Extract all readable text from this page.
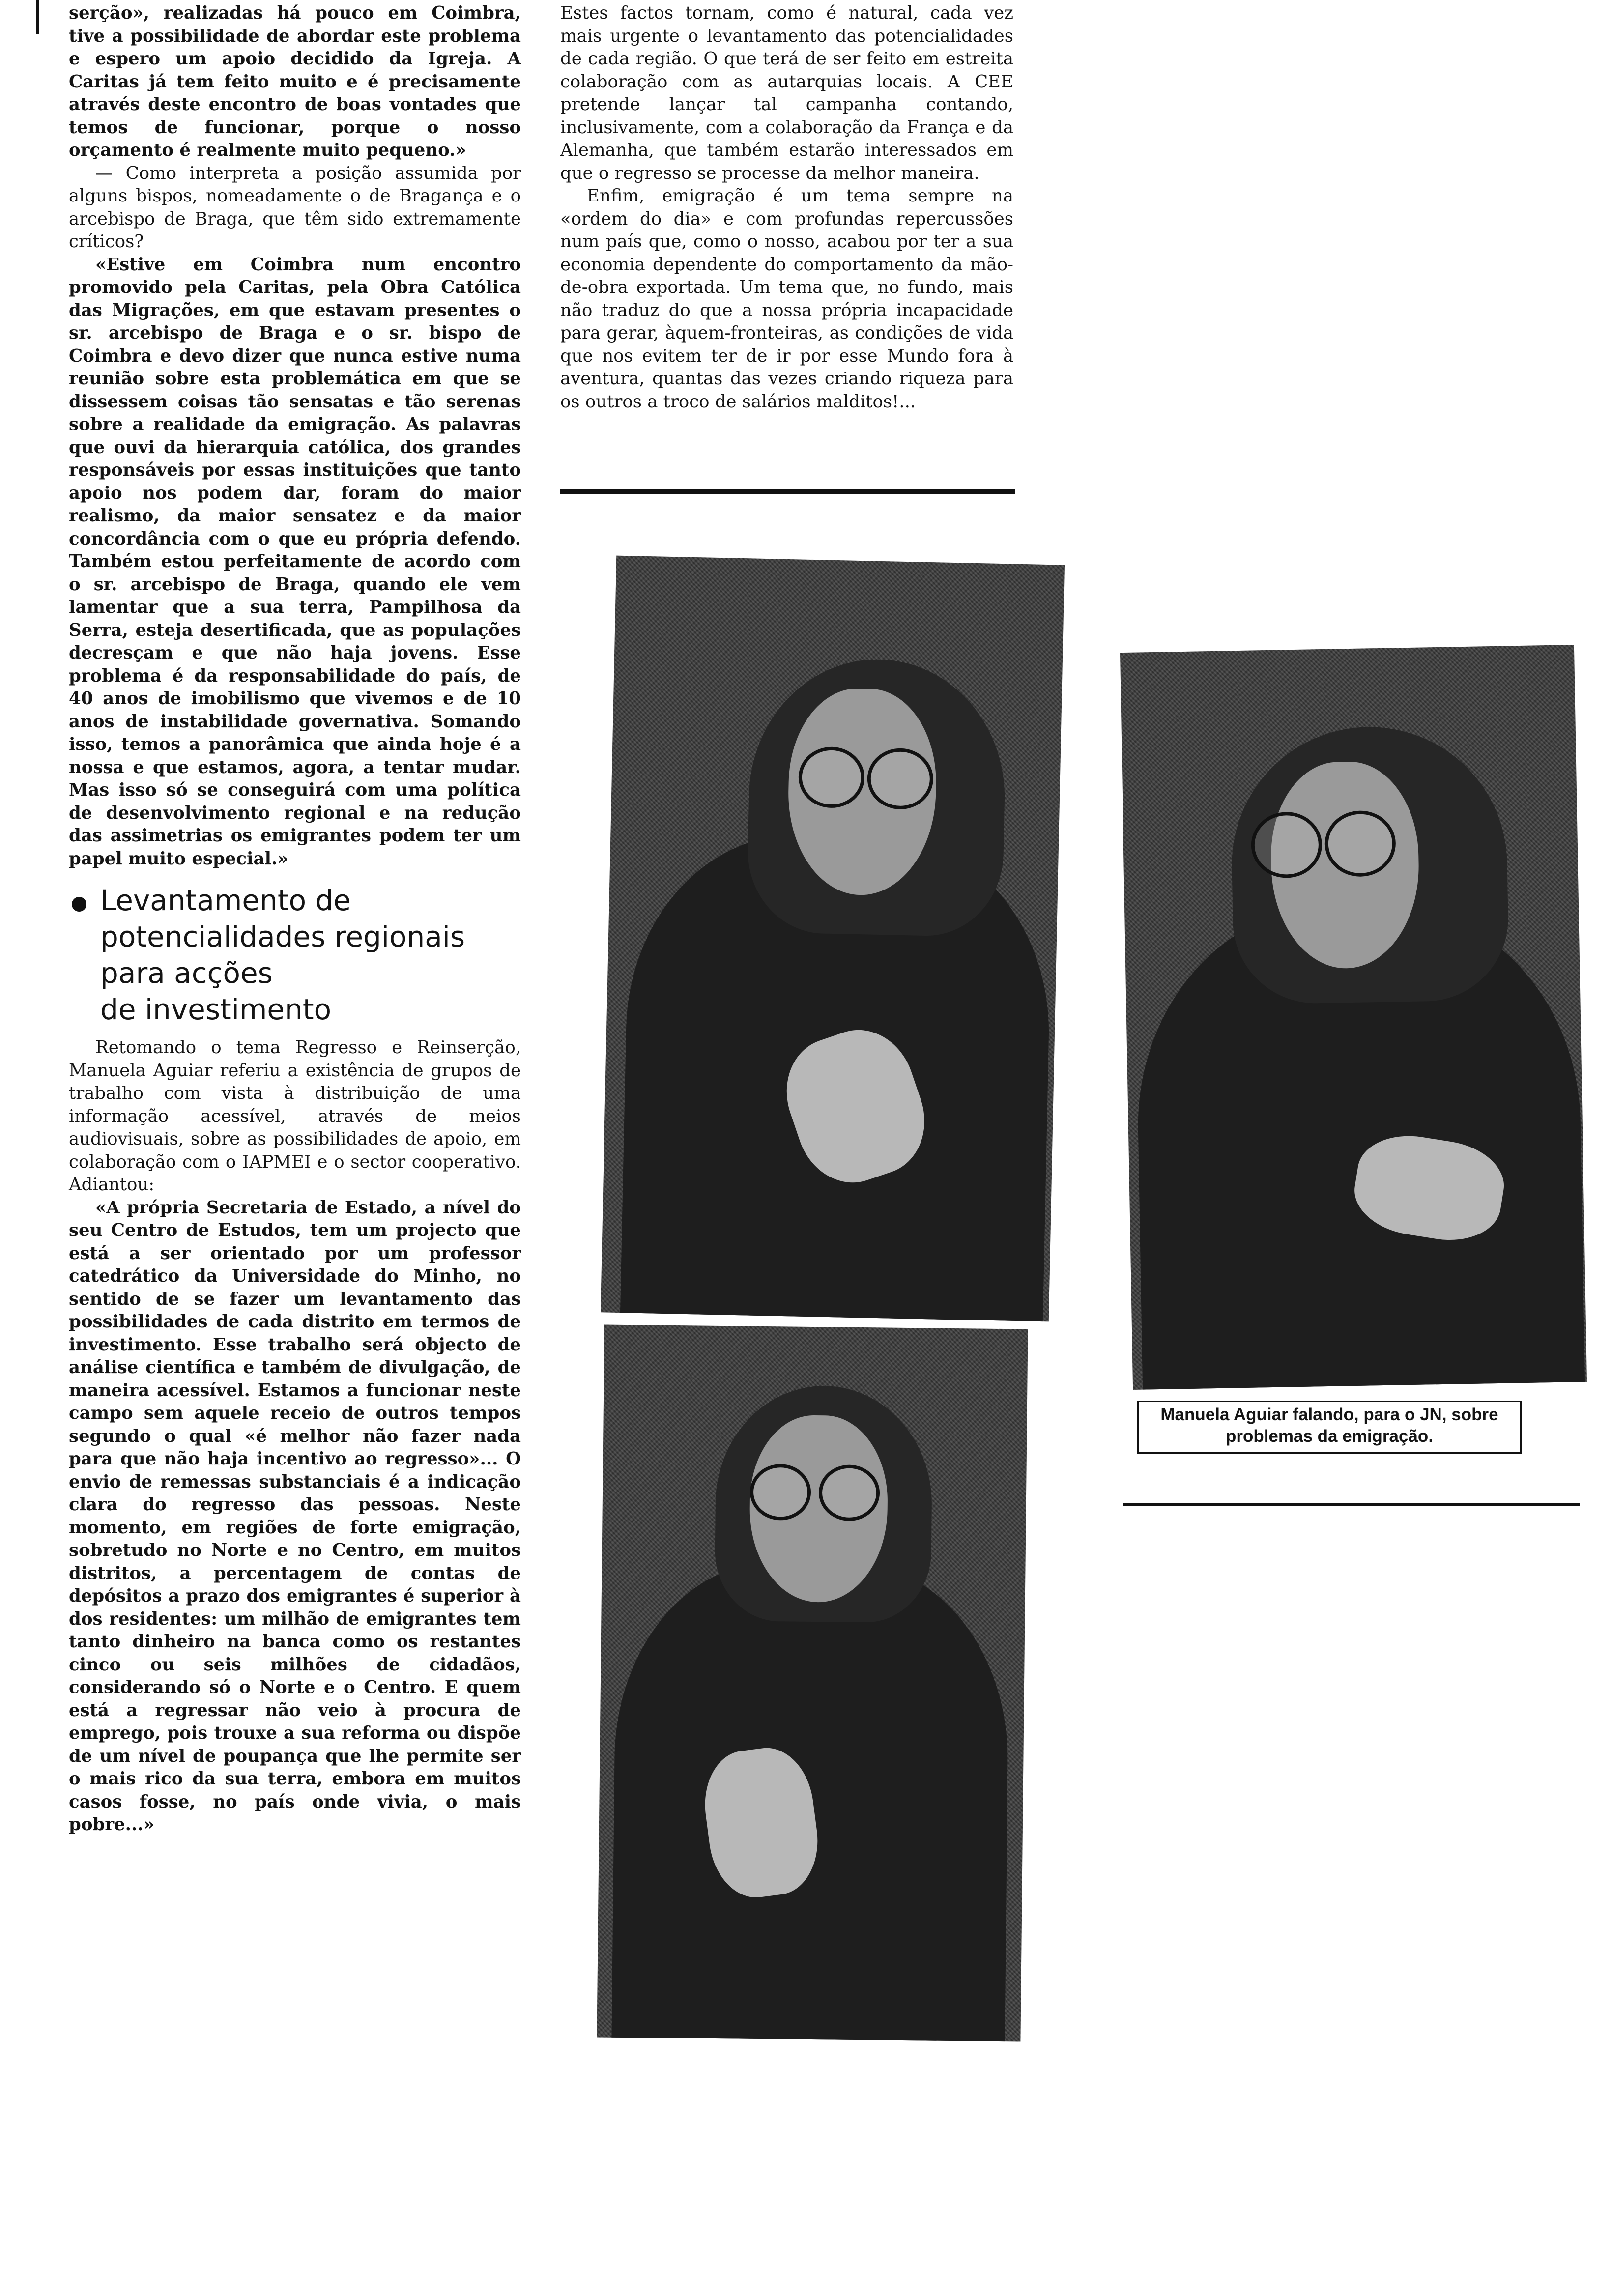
serção», realizadas há pouco em Coimbra, tive a possibilidade de abordar este problema e espero um apoio decidido da Igreja. A Caritas já tem feito muito e é precisamente através deste encontro de boas vontades que temos de funcionar, porque o nosso orçamento é realmente muito pequeno.»

— Como interpreta a posição assumida por alguns bispos, nomeadamente o de Bragança e o arcebispo de Braga, que têm sido extremamente críticos?

«Estive em Coimbra num encontro promovido pela Caritas, pela Obra Católica das Migrações, em que estavam presentes o sr. arcebispo de Braga e o sr. bispo de Coimbra e devo dizer que nunca estive numa reunião sobre esta problemática em que se dissessem coisas tão sensatas e tão serenas sobre a realidade da emigração. As palavras que ouvi da hierarquia católica, dos grandes responsáveis por essas instituições que tanto apoio nos podem dar, foram do maior realismo, da maior sensatez e da maior concordância com o que eu própria defendo. Também estou perfeitamente de acordo com o sr. arcebispo de Braga, quando ele vem lamentar que a sua terra, Pampilhosa da Serra, esteja desertificada, que as populações decresçam e que não haja jovens. Esse problema é da responsabilidade do país, de 40 anos de imobilismo que vivemos e de 10 anos de instabilidade governativa. Somando isso, temos a panorâmica que ainda hoje é a nossa e que estamos, agora, a tentar mudar. Mas isso só se conseguirá com uma política de desenvolvimento regional e na redução das assimetrias os emigrantes podem ter um papel muito especial.»

Levantamento de
potencialidades regionais
para acções
de investimento

Retomando o tema Regresso e Reinserção, Manuela Aguiar referiu a existência de grupos de trabalho com vista à distribuição de uma informação acessível, através de meios audiovisuais, sobre as possibilidades de apoio, em colaboração com o IAPMEI e o sector cooperativo. Adiantou:

«A própria Secretaria de Estado, a nível do seu Centro de Estudos, tem um projecto que está a ser orientado por um professor catedrático da Universidade do Minho, no sentido de se fazer um levantamento das possibilidades de cada distrito em termos de investimento. Esse trabalho será objecto de análise científica e também de divulgação, de maneira acessível. Estamos a funcionar neste campo sem aquele receio de outros tempos segundo o qual «é melhor não fazer nada para que não haja incentivo ao regresso»... O envio de remessas substanciais é a indicação clara do regresso das pessoas. Neste momento, em regiões de forte emigração, sobretudo no Norte e no Centro, em muitos distritos, a percentagem de contas de depósitos a prazo dos emigrantes é superior à dos residentes: um milhão de emigrantes tem tanto dinheiro na banca como os restantes cinco ou seis milhões de cidadãos, considerando só o Norte e o Centro. E quem está a regressar não veio à procura de emprego, pois trouxe a sua reforma ou dispõe de um nível de poupança que lhe permite ser o mais rico da sua terra, embora em muitos casos fosse, no país onde vivia, o mais pobre...»

Estes factos tornam, como é natural, cada vez mais urgente o levantamento das potencialidades de cada região. O que terá de ser feito em estreita colaboração com as autarquias locais. A CEE pretende lançar tal campanha contando, inclusivamente, com a colaboração da França e da Alemanha, que também estarão interessados em que o regresso se processe da melhor maneira.

Enfim, emigração é um tema sempre na «ordem do dia» e com profundas repercussões num país que, como o nosso, acabou por ter a sua economia dependente do comportamento da mão-de-obra exportada. Um tema que, no fundo, mais não traduz do que a nossa própria incapacidade para gerar, àquem-fronteiras, as condições de vida que nos evitem ter de ir por esse Mundo fora à aventura, quantas das vezes criando riqueza para os outros a troco de salários malditos!...

Manuela Aguiar falando, para o JN, sobre problemas da emigração.
